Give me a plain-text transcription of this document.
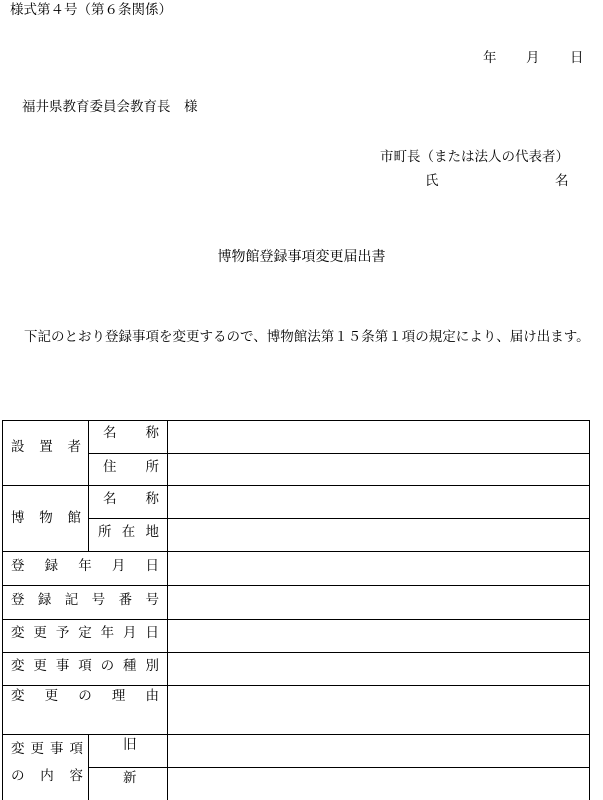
様式第４号（第６条関係）
年 月 日
福井県教育委員会教育長　様
市町長（または法人の代表者）
氏	名
博物館登録事項変更届出書
下記のとおり登録事項を変更するので、博物館法第１５条第１項の規定により、届け出ます。
設 置 者
名 称
住 所
博 物 館
名 称
所 在 地
登 録 年 月 日
登 録 記 号 番 号
変 更 予 定 年 月 日
変 更 事 項 の 種 別
変 更 の 理 由
変 更 事 項
の 内 容
旧
新
